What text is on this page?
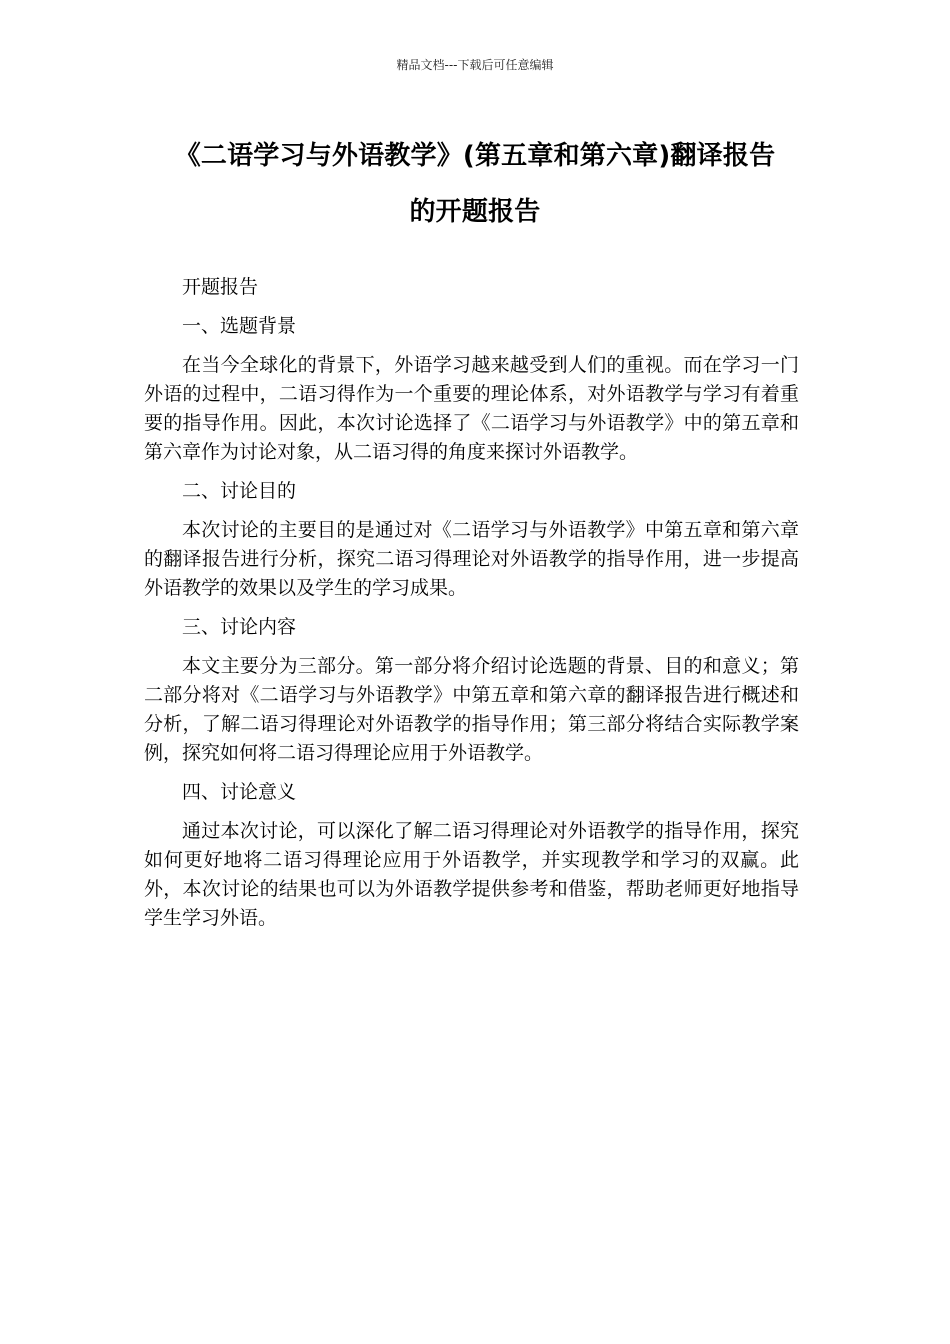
精品文档---下载后可任意编辑
《二语学习与外语教学》(第五章和第六章)翻译报告
的开题报告

开题报告

一、选题背景

在当今全球化的背景下，外语学习越来越受到人们的重视。而在学习一门外语的过程中，二语习得作为一个重要的理论体系，对外语教学与学习有着重要的指导作用。因此，本次讨论选择了《二语学习与外语教学》中的第五章和第六章作为讨论对象，从二语习得的角度来探讨外语教学。

二、讨论目的

本次讨论的主要目的是通过对《二语学习与外语教学》中第五章和第六章的翻译报告进行分析，探究二语习得理论对外语教学的指导作用，进一步提高外语教学的效果以及学生的学习成果。

三、讨论内容

本文主要分为三部分。第一部分将介绍讨论选题的背景、目的和意义；第二部分将对《二语学习与外语教学》中第五章和第六章的翻译报告进行概述和分析，了解二语习得理论对外语教学的指导作用；第三部分将结合实际教学案例，探究如何将二语习得理论应用于外语教学。

四、讨论意义

通过本次讨论，可以深化了解二语习得理论对外语教学的指导作用，探究如何更好地将二语习得理论应用于外语教学，并实现教学和学习的双赢。此外，本次讨论的结果也可以为外语教学提供参考和借鉴，帮助老师更好地指导学生学习外语。
